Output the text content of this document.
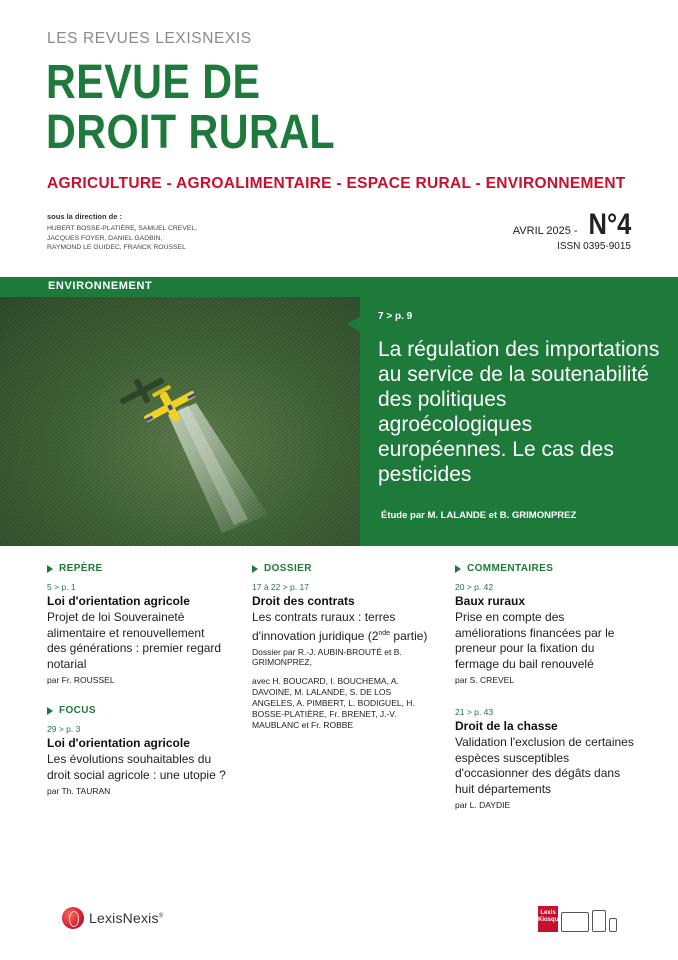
LES REVUES LEXISNEXIS
REVUE DE
DROIT RURAL
AGRICULTURE - AGROALIMENTAIRE - ESPACE RURAL - ENVIRONNEMENT
sous la direction de :
HUBERT BOSSE-PLATIÈRE, SAMUEL CREVEL,
JACQUES FOYER, DANIEL GADBIN,
RAYMOND LE GUIDEC, FRANCK ROUSSEL
AVRIL 2025 - N°4
ISSN 0395-9015
ENVIRONNEMENT
7 > p. 9
La régulation des importations au service de la soutenabilité des politiques agroécologiques européennes. Le cas des pesticides
Étude par M. LALANDE et B. GRIMONPREZ
REPÈRE
5 > p. 1
Loi d'orientation agricole
Projet de loi Souveraineté alimentaire et renouvellement des générations : premier regard notarial
par Fr. ROUSSEL
FOCUS
29 > p. 3
Loi d'orientation agricole
Les évolutions souhaitables du droit social agricole : une utopie ?
par Th. TAURAN
DOSSIER
17 à 22 > p. 17
Droit des contrats
Les contrats ruraux : terres d'innovation juridique (2nde partie)
Dossier par R.-J. AUBIN-BROUTÉ et B. GRIMONPREZ,
avec H. BOUCARD, I. BOUCHEMA, A. DAVOINE, M. LALANDE, S. DE LOS ANGELES, A. PIMBERT, L. BODIGUEL, H. BOSSE-PLATIÈRE, Fr. BRENET, J.-V. MAUBLANC et Fr. ROBBE
COMMENTAIRES
20 > p. 42
Baux ruraux
Prise en compte des améliorations financées par le preneur pour la fixation du fermage du bail renouvelé
par S. CREVEL
21 > p. 43
Droit de la chasse
Validation l'exclusion de certaines espèces susceptibles d'occasionner des dégâts dans huit départements
par L. DAYDIE
LexisNexis®
Lexis Kiosque
